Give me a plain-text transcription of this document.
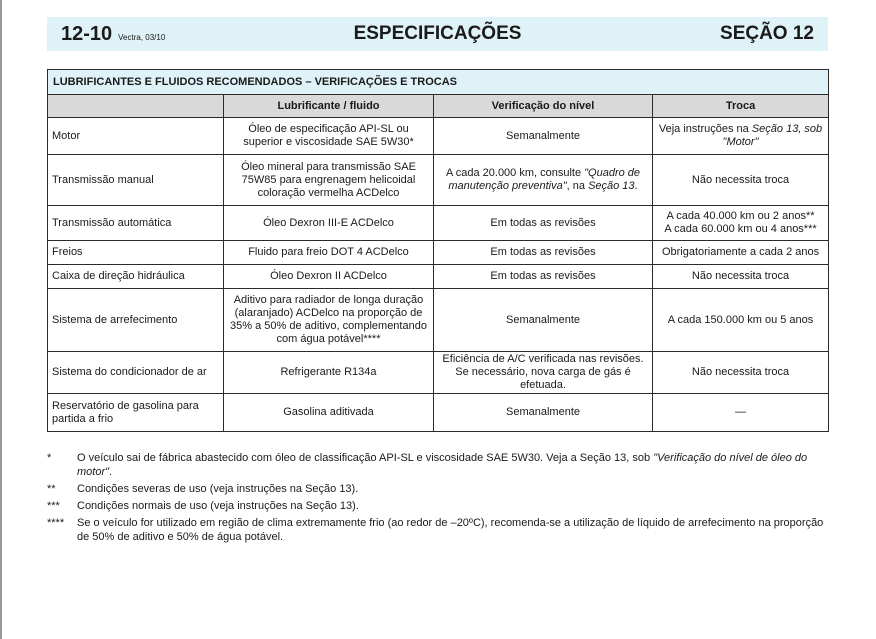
12-10 Vectra, 03/10	ESPECIFICAÇÕES	SEÇÃO 12
LUBRIFICANTES E FLUIDOS RECOMENDADOS – VERIFICAÇÕES E TROCAS			
	Lubrificante / fluido	Verificação do nível	Troca
Motor	Óleo de especificação API-SL ou superior e viscosidade SAE 5W30*	Semanalmente	Veja instruções na Seção 13, sob "Motor"
Transmissão manual	Óleo mineral para transmissão SAE 75W85 para engrenagem helicoidal coloração vermelha ACDelco	A cada 20.000 km, consulte "Quadro de manutenção preventiva", na Seção 13.	Não necessita troca
Transmissão automática	Óleo Dexron III-E ACDelco	Em todas as revisões	A cada 40.000 km ou 2 anos**
A cada 60.000 km ou 4 anos***

Freios	Fluido para freio DOT 4 ACDelco	Em todas as revisões	Obrigatoriamente a cada 2 anos
Caixa de direção hidráulica	Óleo Dexron II ACDelco	Em todas as revisões	Não necessita troca
Sistema de arrefecimento	Aditivo para radiador de longa duração (alaranjado) ACDelco na proporção de 35% a 50% de aditivo, complementando com água potável****	Semanalmente	A cada 150.000 km ou 5 anos
Sistema do condicionador de ar	Refrigerante R134a	Eficiência de A/C verificada nas revisões. Se necessário, nova carga de gás é efetuada.	Não necessita troca
Reservatório de gasolina para partida a frio	Gasolina aditivada	Semanalmente	—
*	O veículo sai de fábrica abastecido com óleo de classificação API-SL e viscosidade SAE 5W30. Veja a Seção 13, sob "Verificação do nível de óleo do motor".
**	Condições severas de uso (veja instruções na Seção 13).
***	Condições normais de uso (veja instruções na Seção 13).
****	Se o veículo for utilizado em região de clima extremamente frio (ao redor de –20ºC), recomenda-se a utilização de líquido de arrefecimento na proporção de 50% de aditivo e 50% de água potável.
